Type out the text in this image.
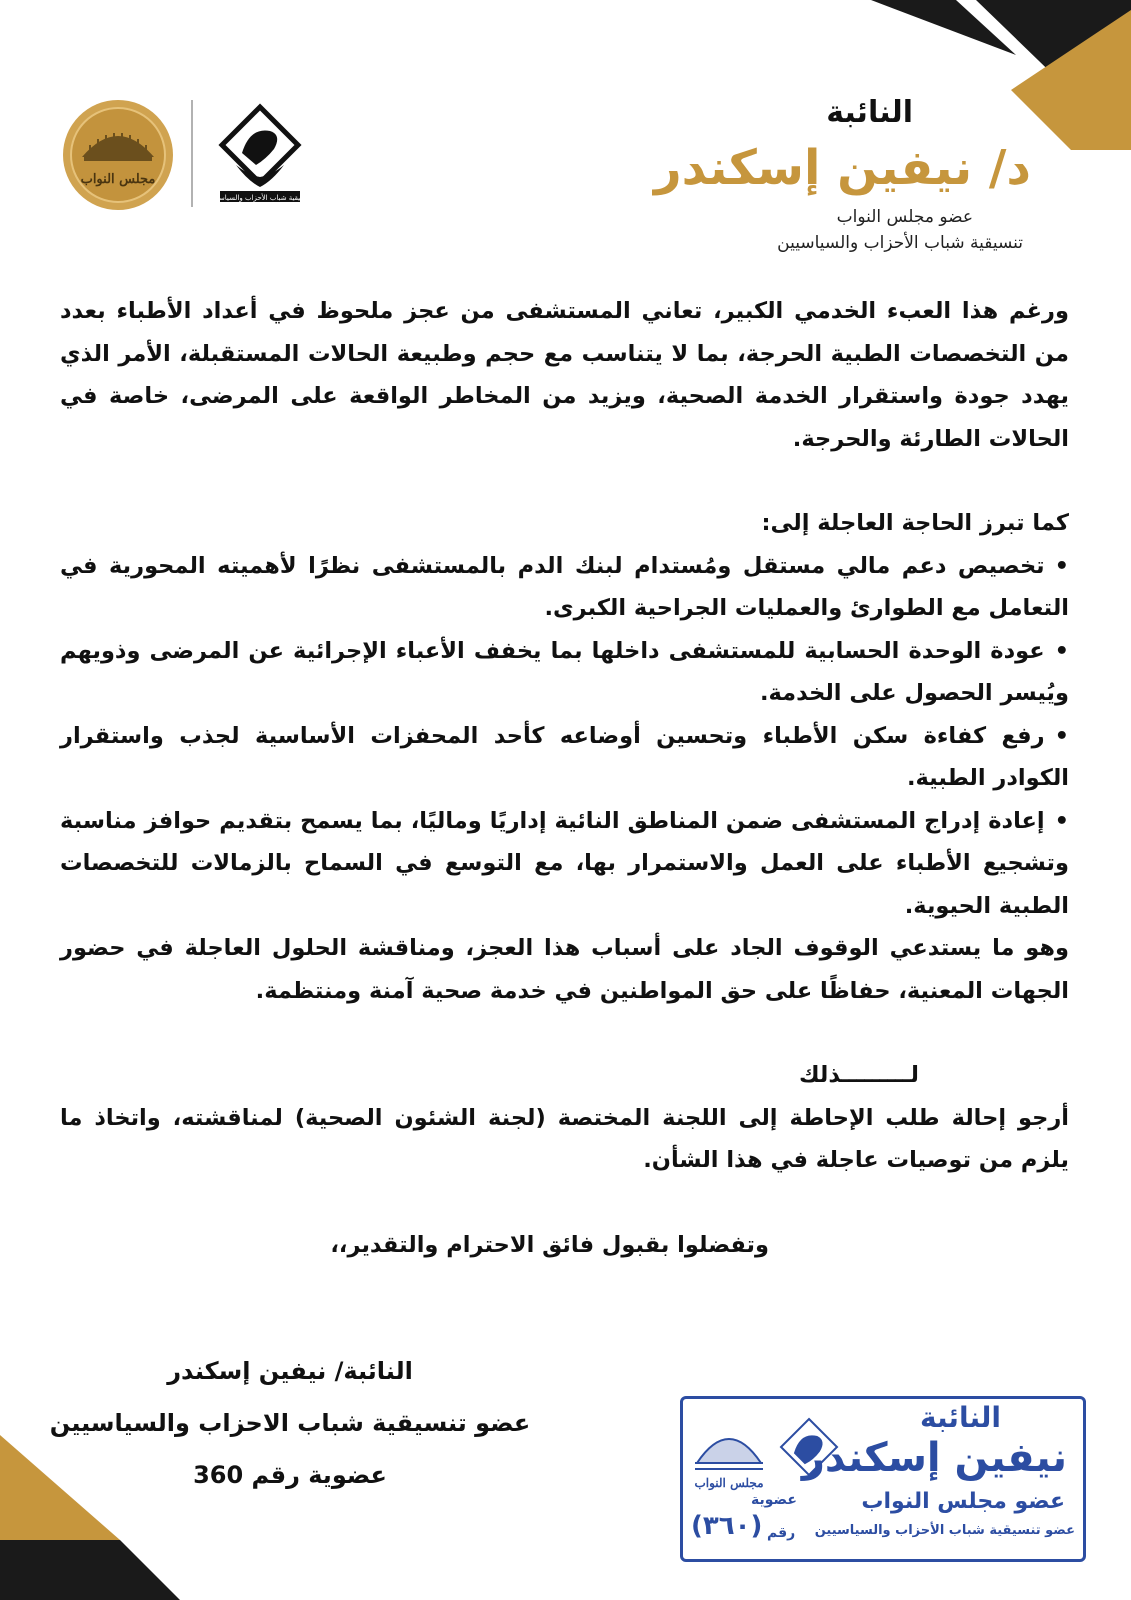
النائبة
د/ نيفين إسكندر
عضو مجلس النواب
تنسيقية شباب الأحزاب والسياسيين
مجلس النواب
تنسيقية شباب الأحزاب والسياسيين

ورغم هذا العبء الخدمي الكبير، تعاني المستشفى من عجز ملحوظ في أعداد الأطباء بعدد من التخصصات الطبية الحرجة، بما لا يتناسب مع حجم وطبيعة الحالات المستقبلة، الأمر الذي يهدد جودة واستقرار الخدمة الصحية، ويزيد من المخاطر الواقعة على المرضى، خاصة في الحالات الطارئة والحرجة.

كما تبرز الحاجة العاجلة إلى:

•تخصيص دعم مالي مستقل ومُستدام لبنك الدم بالمستشفى نظرًا لأهميته المحورية في التعامل مع الطوارئ والعمليات الجراحية الكبرى.

•عودة الوحدة الحسابية للمستشفى داخلها بما يخفف الأعباء الإجرائية عن المرضى وذويهم ويُيسر الحصول على الخدمة.

•رفع كفاءة سكن الأطباء وتحسين أوضاعه كأحد المحفزات الأساسية لجذب واستقرار الكوادر الطبية.

•إعادة إدراج المستشفى ضمن المناطق النائية إداريًا وماليًا، بما يسمح بتقديم حوافز مناسبة وتشجيع الأطباء على العمل والاستمرار بها، مع التوسع في السماح بالزمالات للتخصصات الطبية الحيوية.

وهو ما يستدعي الوقوف الجاد على أسباب هذا العجز، ومناقشة الحلول العاجلة في حضور الجهات المعنية، حفاظًا على حق المواطنين في خدمة صحية آمنة ومنتظمة.

لـــــــــذلك

أرجو إحالة طلب الإحاطة إلى اللجنة المختصة (لجنة الشئون الصحية) لمناقشته، واتخاذ ما يلزم من توصيات عاجلة في هذا الشأن.

وتفضلوا بقبول فائق الاحترام والتقدير،،

النائبة/ نيفين إسكندر
عضو تنسيقية شباب الاحزاب والسياسيين
عضوية رقم 360	مجلس النواب
النائبة
نيفين إسكندر
عضو مجلس النواب
عضو تنسيقية شباب الأحزاب والسياسيين
عضوية
رقم
(٣٦٠)
